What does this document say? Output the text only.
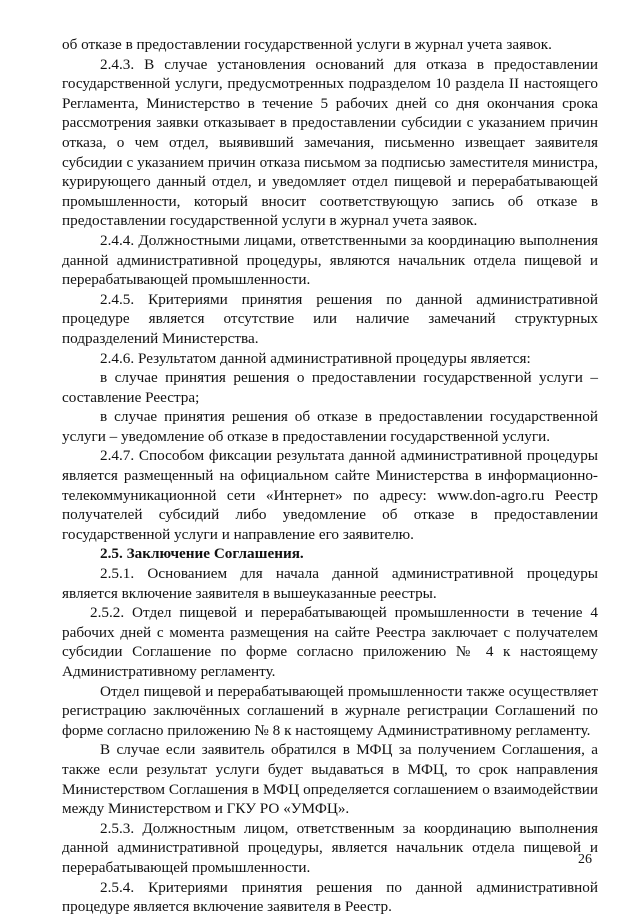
об отказе в предоставлении государственной услуги в журнал учета заявок.

2.4.3. В случае установления оснований для отказа в предоставлении государственной услуги, предусмотренных подразделом 10 раздела II настоящего Регламента, Министерство в течение 5 рабочих дней со дня окончания срока рассмотрения заявки отказывает в предоставлении субсидии с указанием причин отказа, о чем отдел, выявивший замечания, письменно извещает заявителя субсидии с указанием причин отказа письмом за подписью заместителя министра, курирующего данный отдел, и уведомляет отдел пищевой и перерабатывающей промышленности, который вносит соответствующую запись об отказе в предоставлении государственной услуги в журнал учета заявок.

2.4.4. Должностными лицами, ответственными за координацию выполнения данной административной процедуры, являются начальник отдела пищевой и перерабатывающей промышленности.

2.4.5. Критериями принятия решения по данной административной процедуре является отсутствие или наличие замечаний структурных подразделений Министерства.

2.4.6. Результатом данной административной процедуры является:

в случае принятия решения о предоставлении государственной услуги – составление Реестра;

в случае принятия решения об отказе в предоставлении государственной услуги – уведомление об отказе в предоставлении государственной услуги.

2.4.7. Способом фиксации результата данной административной процедуры является размещенный на официальном сайте Министерства в информационно-телекоммуникационной сети «Интернет» по адресу: www.don-agro.ru Реестр получателей субсидий либо уведомление об отказе в предоставлении государственной услуги и направление его заявителю.

2.5. Заключение Соглашения.

2.5.1. Основанием для начала данной административной процедуры является включение заявителя в вышеуказанные реестры.

2.5.2. Отдел пищевой и перерабатывающей промышленности в течение 4 рабочих дней с момента размещения на сайте Реестра заключает с получателем субсидии Соглашение по форме согласно приложению № 4 к настоящему Административному регламенту.

Отдел пищевой и перерабатывающей промышленности также осуществляет регистрацию заключённых соглашений в журнале регистрации Соглашений по форме согласно приложению № 8 к настоящему Административному регламенту.

В случае если заявитель обратился в МФЦ за получением Соглашения, а также если результат услуги будет выдаваться в МФЦ, то срок направления Министерством Соглашения в МФЦ определяется соглашением о взаимодействии между Министерством и ГКУ РО «УМФЦ».

2.5.3. Должностным лицом, ответственным за координацию выполнения данной административной процедуры, является начальник отдела пищевой и перерабатывающей промышленности.

2.5.4. Критериями принятия решения по данной административной процедуре является включение заявителя в Реестр.

26
